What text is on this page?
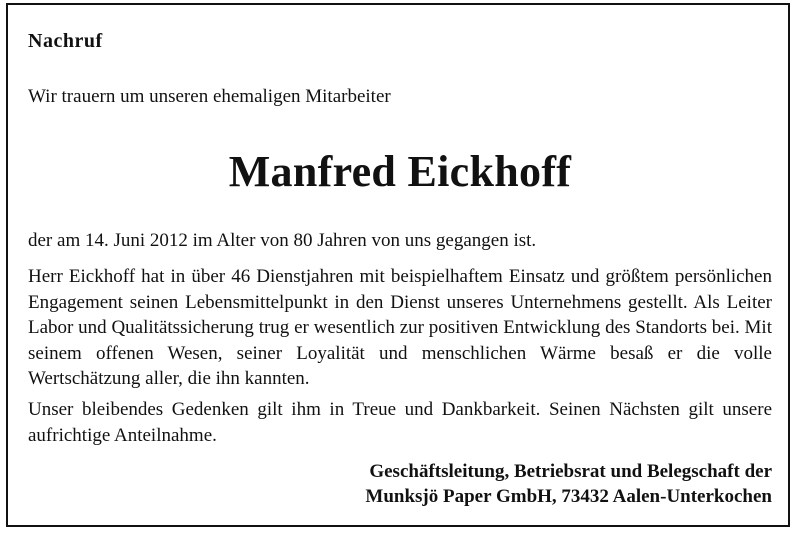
Nachruf
Wir trauern um unseren ehemaligen Mitarbeiter
Manfred Eickhoff
der am 14. Juni 2012 im Alter von 80 Jahren von uns gegangen ist.
Herr Eickhoff hat in über 46 Dienstjahren mit beispielhaftem Einsatz und größtem persönlichen Engagement seinen Lebensmittelpunkt in den Dienst unseres Unternehmens gestellt. Als Leiter Labor und Qualitätssicherung trug er wesentlich zur positiven Entwicklung des Standorts bei. Mit seinem offenen Wesen, seiner Loyalität und menschlichen Wärme besaß er die volle Wertschätzung aller, die ihn kannten.
Unser bleibendes Gedenken gilt ihm in Treue und Dankbarkeit. Seinen Nächsten gilt unsere aufrichtige Anteilnahme.
Geschäftsleitung, Betriebsrat und Belegschaft der
Munksjö Paper GmbH, 73432 Aalen-Unterkochen
